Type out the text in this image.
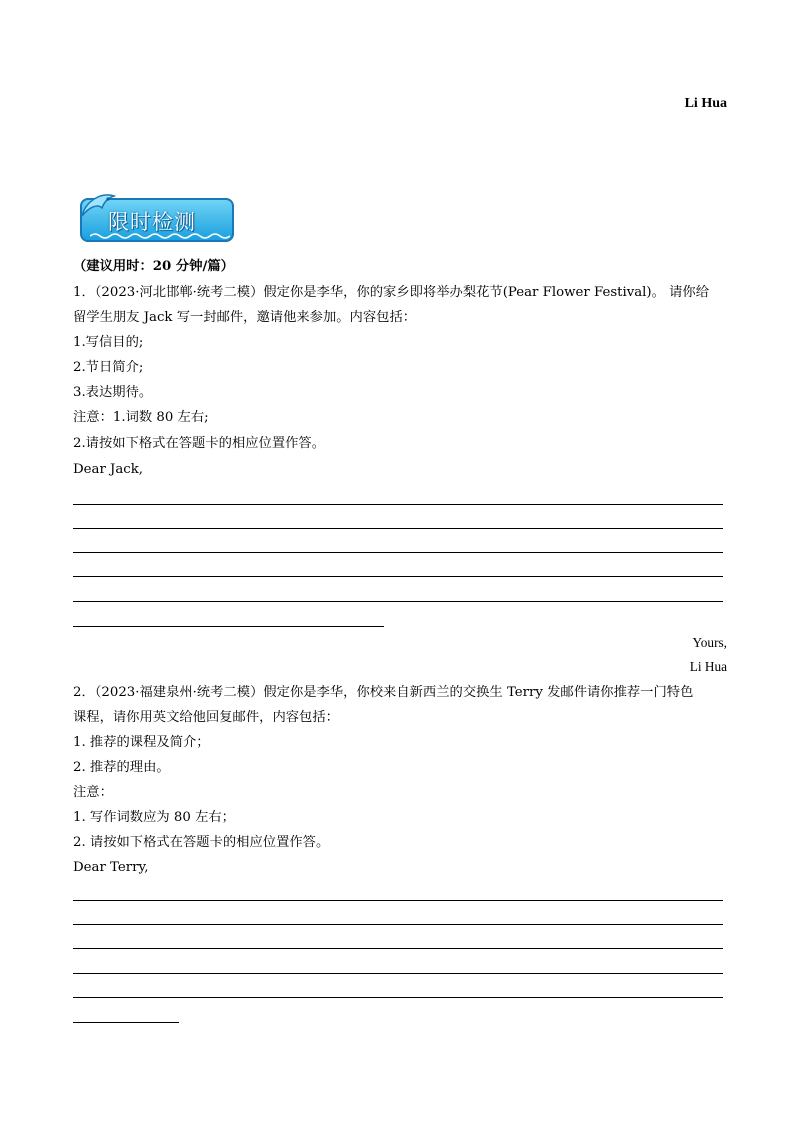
Li Hua
限时检测
（建议用时：20 分钟/篇）
1．（2023·河北邯郸·统考二模）假定你是李华，你的家乡即将举办梨花节(Pear Flower Festival)。 请你给
留学生朋友 Jack 写一封邮件，邀请他来参加。内容包括：
1.写信目的;
2.节日简介;
3.表达期待。
注意：1.词数 80 左右;
2.请按如下格式在答题卡的相应位置作答。
Dear Jack,
Yours,
Li Hua
2．（2023·福建泉州·统考二模）假定你是李华，你校来自新西兰的交换生 Terry 发邮件请你推荐一门特色
课程，请你用英文给他回复邮件，内容包括：
1. 推荐的课程及简介；
2. 推荐的理由。
注意：
1. 写作词数应为 80 左右；
2. 请按如下格式在答题卡的相应位置作答。
Dear Terry,
